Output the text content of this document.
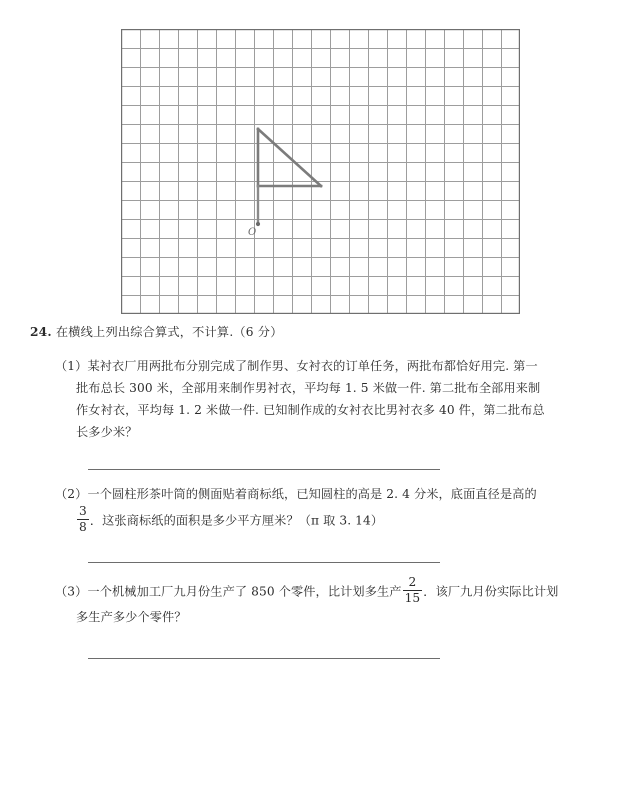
O
24. 在横线上列出综合算式，不计算.（6 分）
（1）某衬衣厂用两批布分别完成了制作男、女衬衣的订单任务，两批布都恰好用完. 第一
批布总长 300 米，全部用来制作男衬衣，平均每 1. 5 米做一件. 第二批布全部用来制
作女衬衣，平均每 1. 2 米做一件. 已知制作成的女衬衣比男衬衣多 40 件，第二批布总
长多少米？
（2）一个圆柱形茶叶筒的侧面贴着商标纸，已知圆柱的高是 2. 4 分米，底面直径是高的
$\frac{3}{8}$ ．这张商标纸的面积是多少平方厘米？（π 取 3. 14）
（3）一个机械加工厂九月份生产了 850 个零件，比计划多生产 $\frac{2}{15}$ ．该厂九月份实际比计划
多生产多少个零件？
